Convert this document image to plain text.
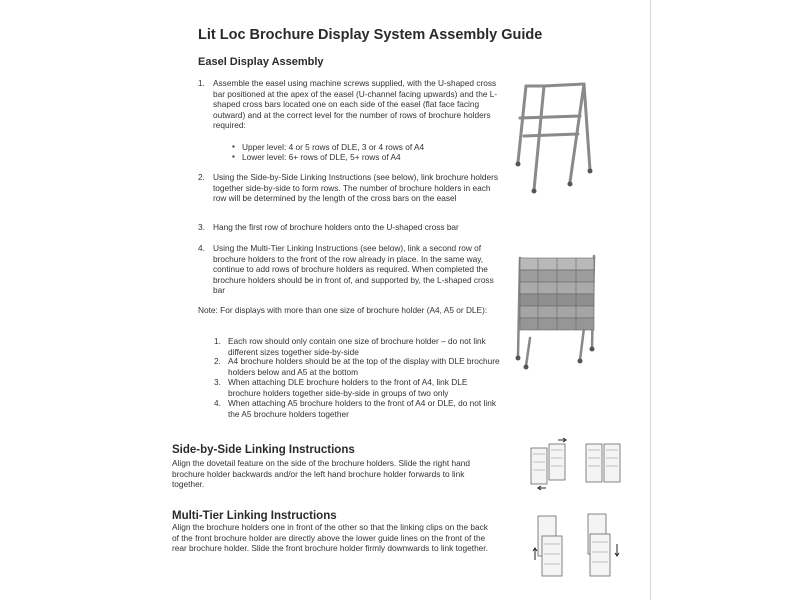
Lit Loc Brochure Display System Assembly Guide
Easel Display Assembly
1. Assemble the easel using machine screws supplied, with the U-shaped cross bar positioned at the apex of the easel (U-channel facing upwards) and the L-shaped cross bars located one on each side of the easel (flat face facing outward) and at the correct level for the number of rows of brochure holders required:
▪ Upper level: 4 or 5 rows of DLE, 3 or 4 rows of A4
▪ Lower level: 6+ rows of DLE, 5+ rows of A4
2. Using the Side-by-Side Linking Instructions (see below), link brochure holders together side-by-side to form rows. The number of brochure holders in each row will be determined by the length of the cross bars on the easel
3. Hang the first row of brochure holders onto the U-shaped cross bar
4. Using the Multi-Tier Linking Instructions (see below), link a second row of brochure holders to the front of the row already in place. In the same way, continue to add rows of brochure holders as required. When completed the brochure holders should be in front of, and supported by, the L-shaped cross bar
Note: For displays with more than one size of brochure holder (A4, A5 or DLE):
1. Each row should only contain one size of brochure holder – do not link different sizes together side-by-side
2. A4 brochure holders should be at the top of the display with DLE brochure holders below and A5 at the bottom
3. When attaching DLE brochure holders to the front of A4, link DLE brochure holders together side-by-side in groups of two only
4. When attaching A5 brochure holders to the front of A4 or DLE, do not link the A5 brochure holders together
Side-by-Side Linking Instructions
Align the dovetail feature on the side of the brochure holders. Slide the right hand brochure holder backwards and/or the left hand brochure holder forwards to link together.
Multi-Tier Linking Instructions
Align the brochure holders one in front of the other so that the linking clips on the back of the front brochure holder are directly above the lower guide lines on the front of the rear brochure holder. Slide the front brochure holder firmly downwards to link together.
